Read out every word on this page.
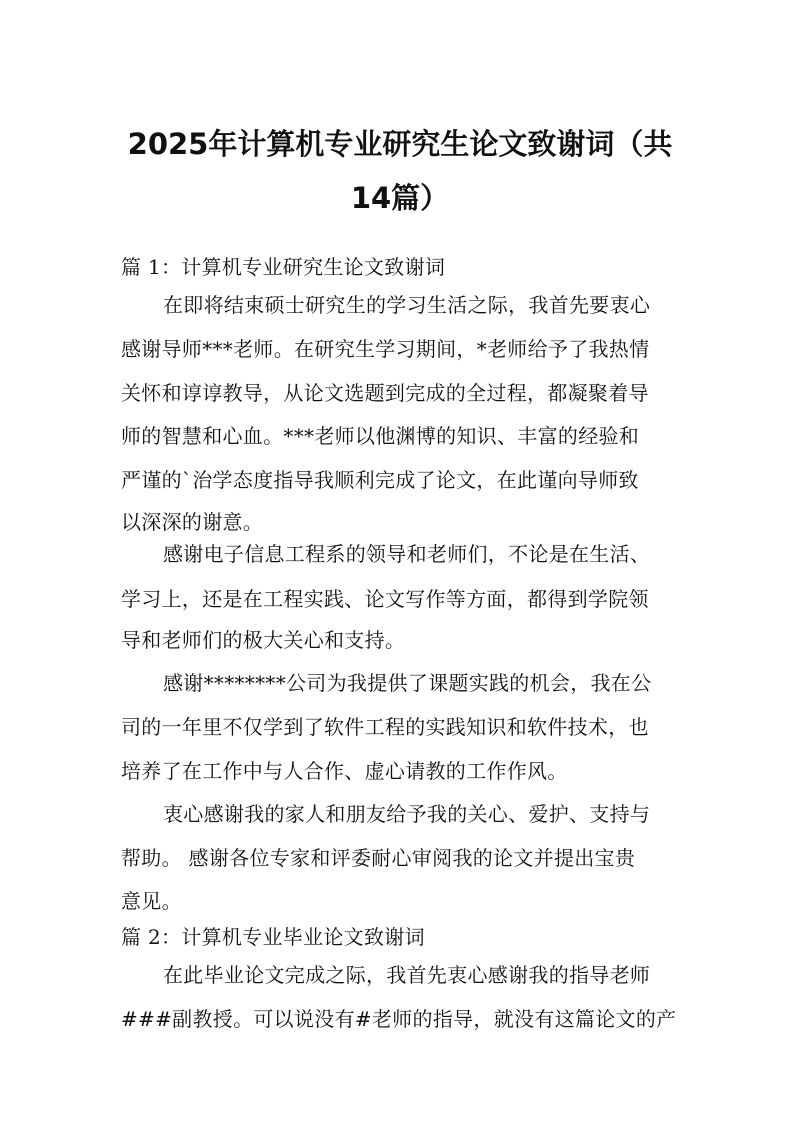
2025年计算机专业研究生论文致谢词（共
14篇）
篇 1：计算机专业研究生论文致谢词
在即将结束硕士研究生的学习生活之际，我首先要衷心
感谢导师***老师。在研究生学习期间，*老师给予了我热情
关怀和谆谆教导，从论文选题到完成的全过程，都凝聚着导
师的智慧和心血。***老师以他渊博的知识、丰富的经验和
严谨的`治学态度指导我顺利完成了论文，在此谨向导师致
以深深的谢意。
感谢电子信息工程系的领导和老师们，不论是在生活、
学习上，还是在工程实践、论文写作等方面，都得到学院领
导和老师们的极大关心和支持。
感谢********公司为我提供了课题实践的机会，我在公
司的一年里不仅学到了软件工程的实践知识和软件技术，也
培养了在工作中与人合作、虚心请教的工作作风。
衷心感谢我的家人和朋友给予我的关心、爱护、支持与
帮助。 感谢各位专家和评委耐心审阅我的论文并提出宝贵
意见。
篇 2：计算机专业毕业论文致谢词
在此毕业论文完成之际，我首先衷心感谢我的指导老师
###副教授。可以说没有#老师的指导，就没有这篇论文的产
